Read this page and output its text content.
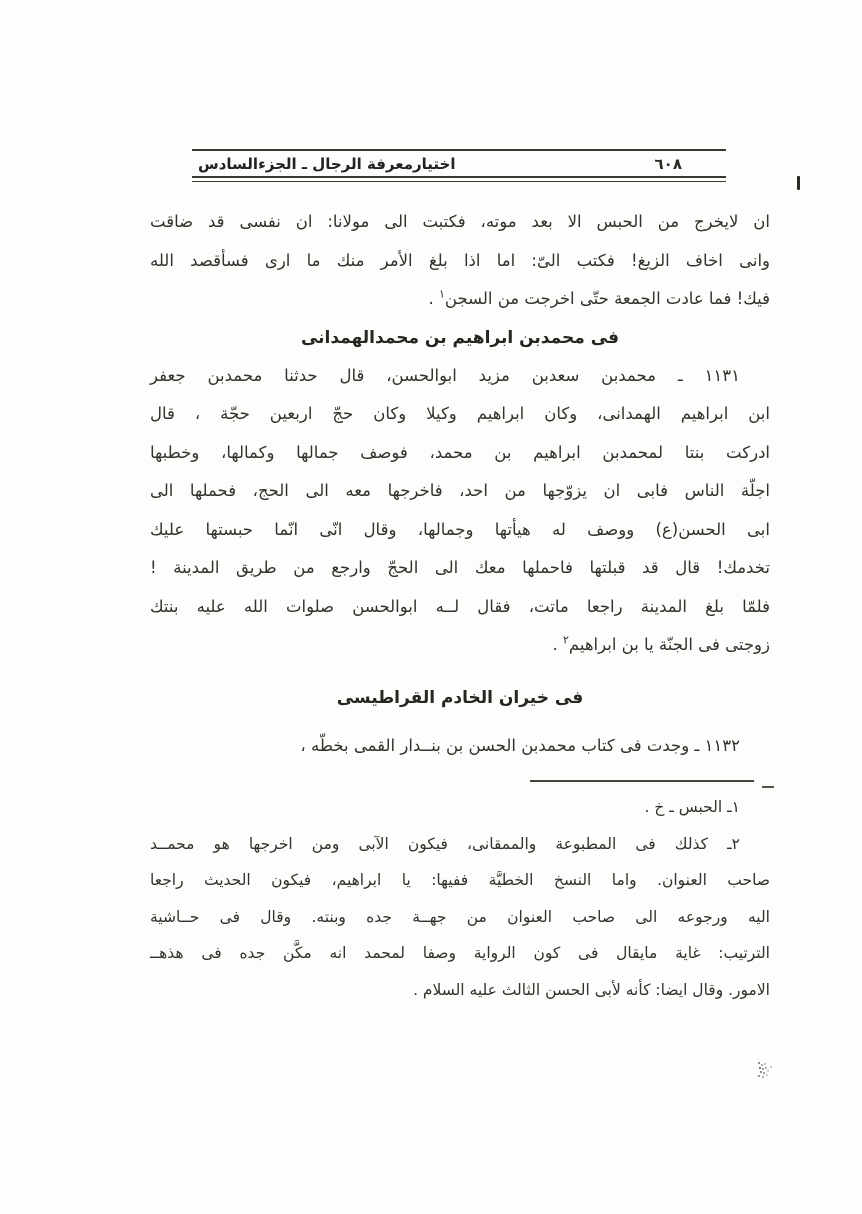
اختيارمعرفة الرجال ـ الجزءالسادس	٦٠٨

ان لايخرج من الحبس الا بعد موته، فكتبت الى مولانا: ان نفسى قد ضاقت

وانى اخاف الزيغ! فكتب الىّ: اما اذا بلغ الأمر منك ما ارى فسأقصد الله

فيك! فما عادت الجمعة حتّى اخرجت من السجن$^١$ .

فى محمدبن ابراهيم بن محمدالهمدانى

١١٣١ ـ محمدبن سعدبن مزيد ابوالحسن، قال حدثنا محمدبن جعفر

ابن ابراهيم الهمدانى، وكان ابراهيم وكيلا وكان حجّ اربعين حجّة ، قال

ادركت بنتا لمحمدبن ابراهيم بن محمد، فوصف جمالها وكمالها، وخطبها

اجلّة الناس فابى ان يزوّجها من احد، فاخرجها معه الى الحج، فحملها الى

ابى الحسن(ع) ووصف له هيأتها وجمالها، وقال انّى انّما حبستها عليك

تخدمك! قال قد قبلتها فاحملها معك الى الحجّ وارجع من طريق المدينة !

فلمّا بلغ المدينة راجعا ماتت، فقال لــه ابوالحسن صلوات الله عليه بنتك

زوجتى فى الجنّة يا بن ابراهيم$^٢$ .

فى خيران الخادم القراطيسى

١١٣٢ ـ وجدت فى كتاب محمدبن الحسن بن بنــدار القمى بخطّه ،

١ـ الحبس ـ خ .

٢ـ كذلك فى المطبوعة والممقانى، فيكون الآبى ومن اخرجها هو محمــد

صاحب العنوان. واما النسخ الخطيَّة ففيها: يا ابراهيم، فيكون الحديث راجعا

اليه ورجوعه الى صاحب العنوان من جهــة جده وبنته. وقال فى حــاشية

الترتيب: غاية مايقال فى كون الرواية وصفا لمحمد انه مكَّن جده فى هذهــ

الامور. وقال ايضا: كأنه لأبى الحسن الثالث عليه السلام .
